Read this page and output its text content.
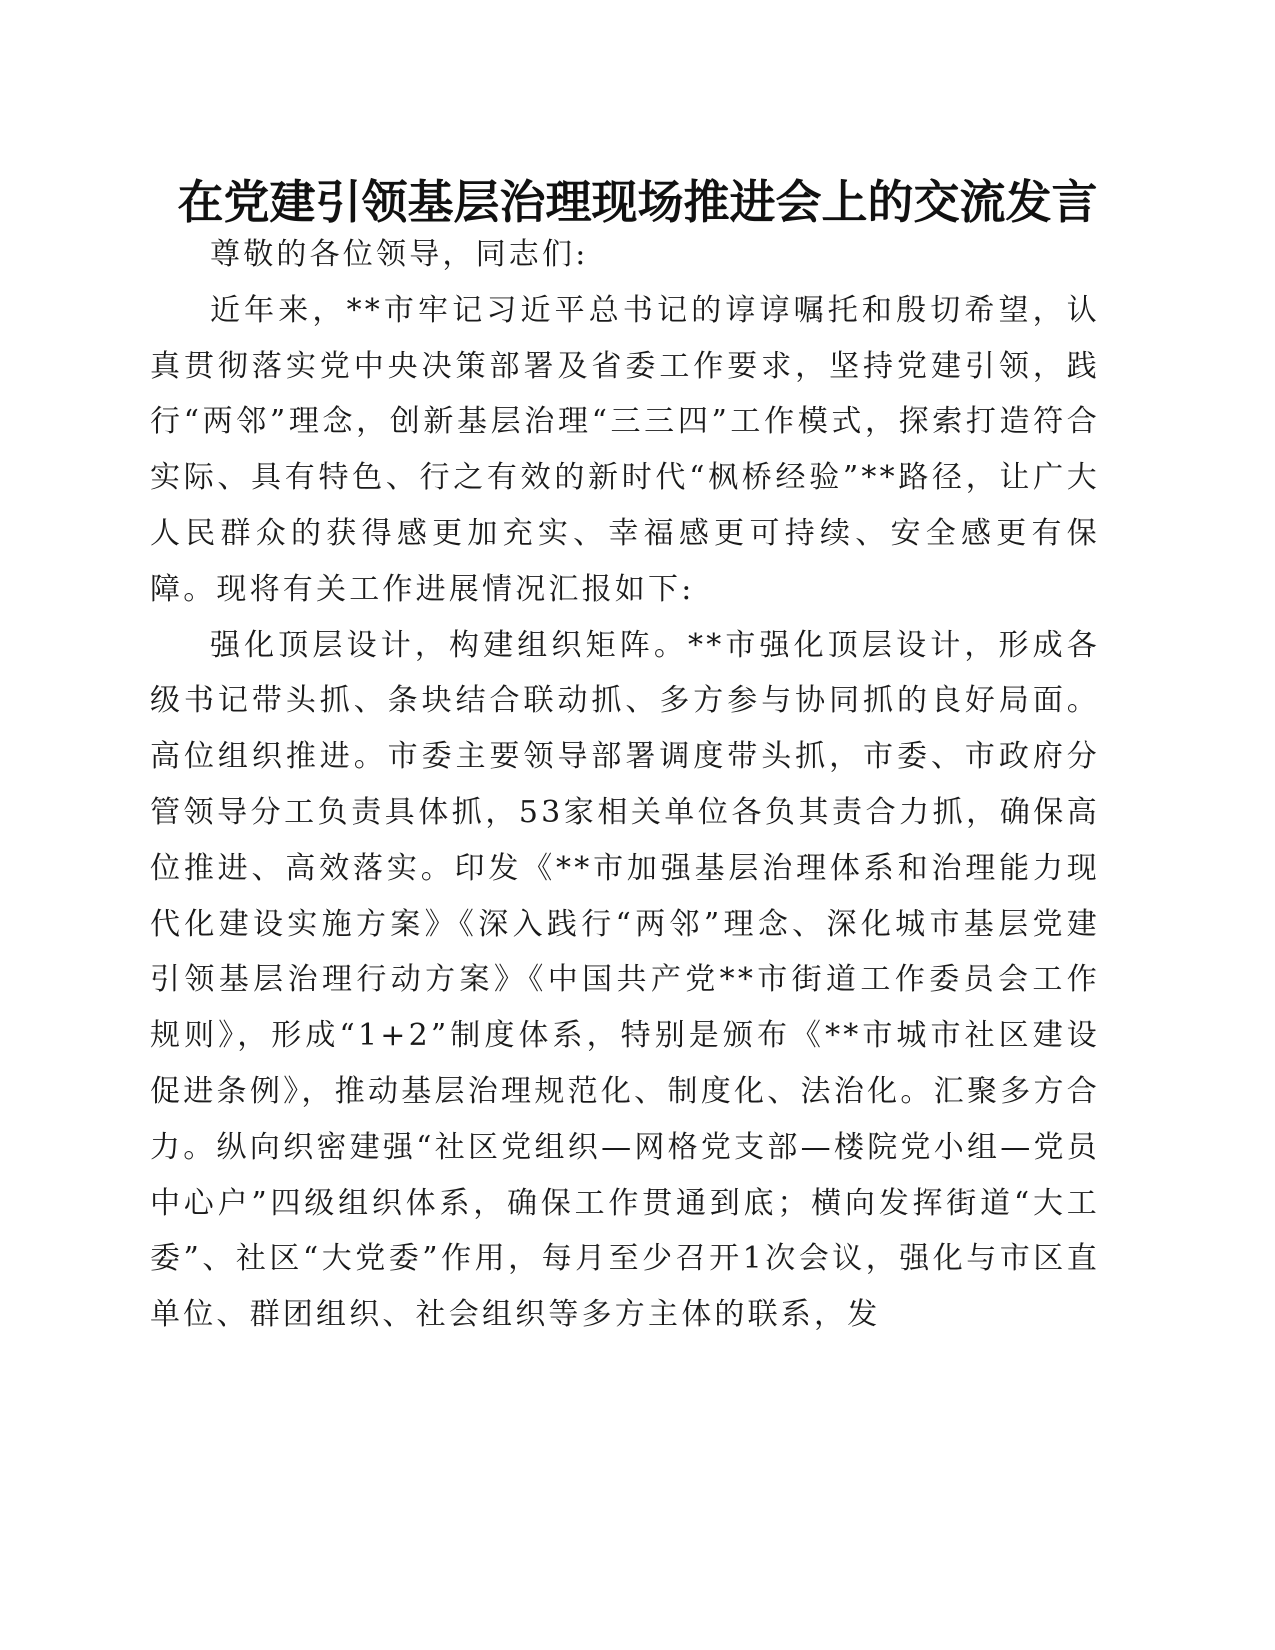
在党建引领基层治理现场推进会上的交流发言

尊敬的各位领导，同志们:

近年来，**市牢记习近平总书记的谆谆嘱托和殷切希望，认真贯彻落实党中央决策部署及省委工作要求，坚持党建引领，践行“两邻”理念，创新基层治理“三三四”工作模式，探索打造符合实际、具有特色、行之有效的新时代“枫桥经验”**路径，让广大人民群众的获得感更加充实、幸福感更可持续、安全感更有保障。现将有关工作进展情况汇报如下:

强化顶层设计，构建组织矩阵。**市强化顶层设计，形成各级书记带头抓、条块结合联动抓、多方参与协同抓的良好局面。高位组织推进。市委主要领导部署调度带头抓，市委、市政府分管领导分工负责具体抓，53家相关单位各负其责合力抓，确保高位推进、高效落实。印发《**市加强基层治理体系和治理能力现代化建设实施方案》《深入践行“两邻”理念、深化城市基层党建引领基层治理行动方案》《中国共产党**市街道工作委员会工作规则》，形成“1+2”制度体系，特别是颁布《**市城市社区建设促进条例》，推动基层治理规范化、制度化、法治化。汇聚多方合力。纵向织密建强“社区党组织—网格党支部—楼院党小组—党员中心户”四级组织体系，确保工作贯通到底；横向发挥街道“大工委”、社区“大党委”作用，每月至少召开1次会议，强化与市区直单位、群团组织、社会组织等多方主体的联系，发
